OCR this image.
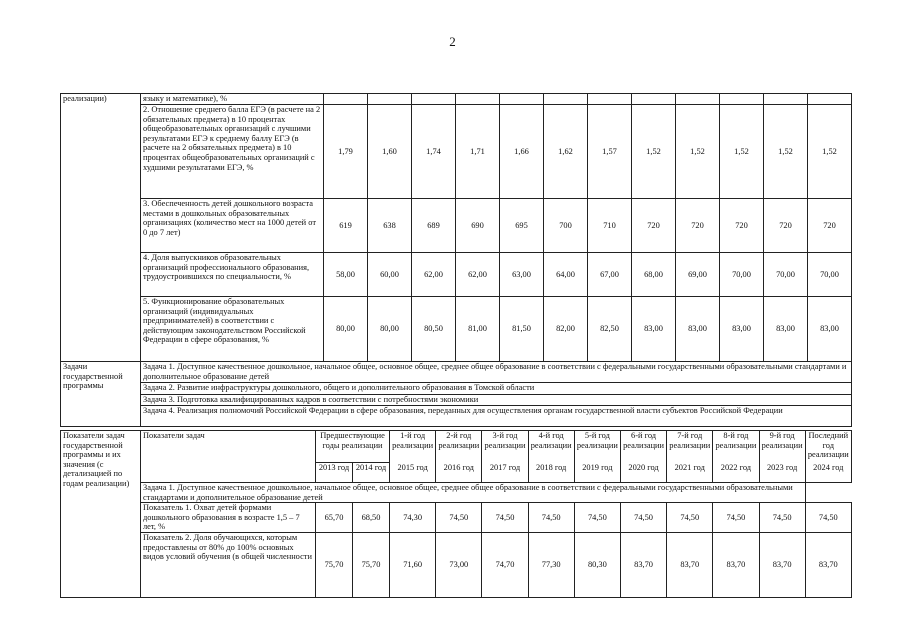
2
реализации)	языку и математике), %												
	2. Отношение среднего балла ЕГЭ (в расчете на 2 обязательных предмета) в 10 процентах общеобразовательных организаций с лучшими результатами ЕГЭ к среднему баллу ЕГЭ (в расчете на 2 обязательных предмета) в 10 процентах общеобразовательных организаций с худшими результатами ЕГЭ, %	1,79	1,60	1,74	1,71	1,66	1,62	1,57	1,52	1,52	1,52	1,52	1,52
	3. Обеспеченность детей дошкольного возраста местами в дошкольных образовательных организациях (количество мест на 1000 детей от 0 до 7 лет)	619	638	689	690	695	700	710	720	720	720	720	720
	4. Доля выпускников образовательных организаций профессионального образования, трудоустроившихся по специальности, %	58,00	60,00	62,00	62,00	63,00	64,00	67,00	68,00	69,00	70,00	70,00	70,00
	5. Функционирование образовательных организаций (индивидуальных предпринимателей) в соответствии с действующим законодательством Российской Федерации в сфере образования, %	80,00	80,00	80,50	81,00	81,50	82,00	82,50	83,00	83,00	83,00	83,00	83,00
Задачи государственной программы	Задача 1. Доступное качественное дошкольное, начальное общее, основное общее, среднее общее образование в соответствии с федеральными государственными образовательными стандартами и дополнительное образование детей
Задача 2. Развитие инфраструктуры дошкольного, общего и дополнительного образования в Томской области
Задача 3. Подготовка квалифицированных кадров в соответствии с потребностями экономики
Задача 4. Реализация полномочий Российской Федерации в сфере образования, переданных для осуществления органам государственной власти субъектов Российской Федерации
Показатели задач государственной программы и их значения (с детализацией по годам реализации)	Показатели задач	Предшествующие годы реализации		1-й год реализации	2-й год реализации	3-й год реализации	4-й год реализации	5-й год реализации	6-й год реализации	7-й год реализации	8-й год реализации	9-й год реализации	Последний год реализации
		2013 год	2014 год	2015 год	2016 год	2017 год	2018 год	2019 год	2020 год	2021 год	2022 год	2023 год	2024 год
	Задача 1. Доступное качественное дошкольное, начальное общее, основное общее, среднее общее образование в соответствии с федеральными государственными образовательными стандартами и дополнительное образование детей												
	Показатель 1. Охват детей формами дошкольного образования в возрасте 1,5 – 7 лет, %	65,70	68,50	74,30	74,50	74,50	74,50	74,50	74,50	74,50	74,50	74,50	74,50
	Показатель 2. Доля обучающихся, которым предоставлены от 80% до 100% основных видов условий обучения (в общей численности	75,70	75,70	71,60	73,00	74,70	77,30	80,30	83,70	83,70	83,70	83,70	83,70
